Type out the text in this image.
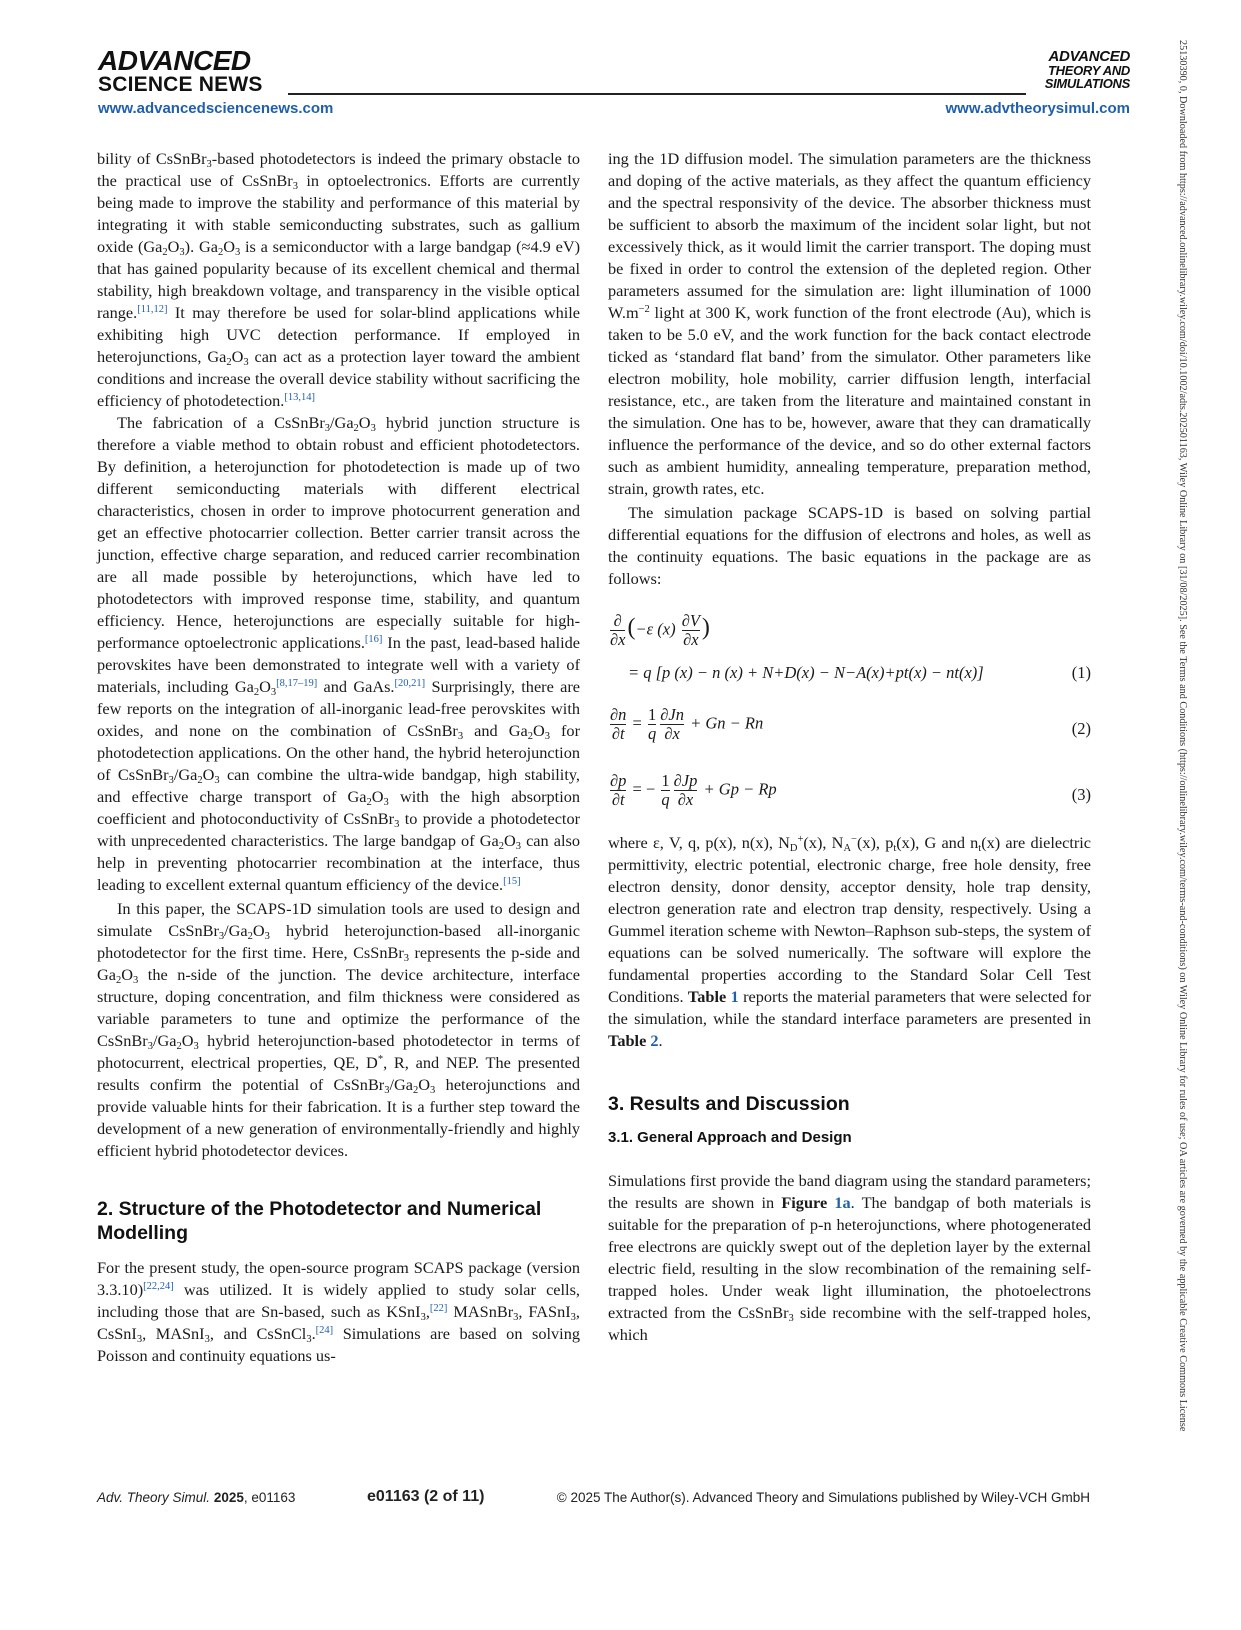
ADVANCED
SCIENCE NEWS
ADVANCED
THEORY AND
SIMULATIONS
www.advancedsciencenews.com	www.advtheorysimul.com	25130390, 0, Downloaded from https://advanced.onlinelibrary.wiley.com/doi/10.1002/adts.202501163, Wiley Online Library on [31/08/2025]. See the Terms and Conditions (https://onlinelibrary.wiley.com/terms-and-conditions) on Wiley Online Library for rules of use; OA articles are governed by the applicable Creative Commons License

bility of CsSnBr$_3$-based photodetectors is indeed the primary obstacle to the practical use of CsSnBr$_3$ in optoelectronics. Efforts are currently being made to improve the stability and performance of this material by integrating it with stable semiconducting substrates, such as gallium oxide $(Ga_2O_3)$. $Ga_2O_3$ is a semiconductor with a large bandgap (≈4.9 eV) that has gained popularity because of its excellent chemical and thermal stability, high breakdown voltage, and transparency in the visible optical range.[11,12] It may therefore be used for solar-blind applications while exhibiting high UVC detection performance. If employed in heterojunctions, $Ga_2O_3$ can act as a protection layer toward the ambient conditions and increase the overall device stability without sacrificing the efficiency of photodetection.[13,14]

The fabrication of a $CsSnBr_3/Ga_2O_3$ hybrid junction structure is therefore a viable method to obtain robust and efficient photodetectors. By definition, a heterojunction for photodetection is made up of two different semiconducting materials with different electrical characteristics, chosen in order to improve photocurrent generation and get an effective photocarrier collection. Better carrier transit across the junction, effective charge separation, and reduced carrier recombination are all made possible by heterojunctions, which have led to photodetectors with improved response time, stability, and quantum efficiency. Hence, heterojunctions are especially suitable for high-performance optoelectronic applications.[16] In the past, lead-based halide perovskites have been demonstrated to integrate well with a variety of materials, including $Ga_2O_3[8,17-19]$ and GaAs.[20,21] Surprisingly, there are few reports on the integration of all-inorganic lead-free perovskites with oxides, and none on the combination of CsSnBr$_3$ and $Ga_2O_3$ for photodetection applications. On the other hand, the hybrid heterojunction of $CsSnBr_3/Ga_2O_3$ can combine the ultra-wide bandgap, high stability, and effective charge transport of $Ga_2O_3$ with the high absorption coefficient and photoconductivity of CsSnBr$_3$ to provide a photodetector with unprecedented characteristics. The large bandgap of $Ga_2O_3$ can also help in preventing photocarrier recombination at the interface, thus leading to excellent external quantum efficiency of the device.[15]

In this paper, the SCAPS-1D simulation tools are used to design and simulate $CsSnBr_3/Ga_2O_3$ hybrid heterojunction-based all-inorganic photodetector for the first time. Here, CsSnBr$_3$ represents the p-side and $Ga_2O_3$ the n-side of the junction. The device architecture, interface structure, doping concentration, and film thickness were considered as variable parameters to tune and optimize the performance of the $CsSnBr_3/Ga_2O_3$ hybrid heterojunction-based photodetector in terms of photocurrent, electrical properties, QE, D*, R, and NEP. The presented results confirm the potential of $CsSnBr_3/Ga_2O_3$ heterojunctions and provide valuable hints for their fabrication. It is a further step toward the development of a new generation of environmentally-friendly and highly efficient hybrid photodetector devices.

2. Structure of the Photodetector and Numerical Modelling

For the present study, the open-source program SCAPS package (version 3.3.10)[22,24] was utilized. It is widely applied to study solar cells, including those that are Sn-based, such as KSnI$_3$,[22] MASnBr$_3$, FASnI$_3$, CsSnI$_3$, MASnI$_3$, and CsSnCl$_3$.[24] Simulations are based on solving Poisson and continuity equations us-

ing the 1D diffusion model. The simulation parameters are the thickness and doping of the active materials, as they affect the quantum efficiency and the spectral responsivity of the device. The absorber thickness must be sufficient to absorb the maximum of the incident solar light, but not excessively thick, as it would limit the carrier transport. The doping must be fixed in order to control the extension of the depleted region. Other parameters assumed for the simulation are: light illumination of 1000 $W.m^{-2}$ light at 300 K, work function of the front electrode (Au), which is taken to be 5.0 eV, and the work function for the back contact electrode ticked as ‘standard flat band’ from the simulator. Other parameters like electron mobility, hole mobility, carrier diffusion length, interfacial resistance, etc., are taken from the literature and maintained constant in the simulation. One has to be, however, aware that they can dramatically influence the performance of the device, and so do other external factors such as ambient humidity, annealing temperature, preparation method, strain, growth rates, etc.

The simulation package SCAPS-1D is based on solving partial differential equations for the diffusion of electrons and holes, as well as the continuity equations. The basic equations in the package are as follows:

$\frac{\partial}{\partial x} (-\varepsilon$ $(x) \frac{\partial V}{\partial x}$ )
= q [p (x) − n (x) + N+D(x) − N−A(x)+pt(x) − nt(x)]	(1)
$\frac{\partial n}{\partial t} = \frac{1}{q} \frac{\partial Jn}{\partial x} + Gn - Rn$	(2)
$\frac{\partial p}{\partial t}$ = − $\frac{1}{q} \frac{\partial Jp}{\partial x} + Gp - Rp$	(3)

where ε, V, q, p(x), n(x), $N_D^+(x)$, $N_A^-(x)$, $p_t(x)$, G and $n_t(x)$ are dielectric permittivity, electric potential, electronic charge, free hole density, free electron density, donor density, acceptor density, hole trap density, electron generation rate and electron trap density, respectively. Using a Gummel iteration scheme with Newton–Raphson sub-steps, the system of equations can be solved numerically. The software will explore the fundamental properties according to the Standard Solar Cell Test Conditions. Table 1 reports the material parameters that were selected for the simulation, while the standard interface parameters are presented in Table 2.

3. Results and Discussion
3.1. General Approach and Design

Simulations first provide the band diagram using the standard parameters; the results are shown in Figure 1a. The bandgap of both materials is suitable for the preparation of p-n heterojunctions, where photogenerated free electrons are quickly swept out of the depletion layer by the external electric field, resulting in the slow recombination of the remaining self-trapped holes. Under weak light illumination, the photoelectrons extracted from the CsSnBr$_3$ side recombine with the self-trapped holes, which

Adv. Theory Simul. 2025, e01163	e01163 (2 of 11)	© 2025 The Author(s). Advanced Theory and Simulations published by Wiley-VCH GmbH
